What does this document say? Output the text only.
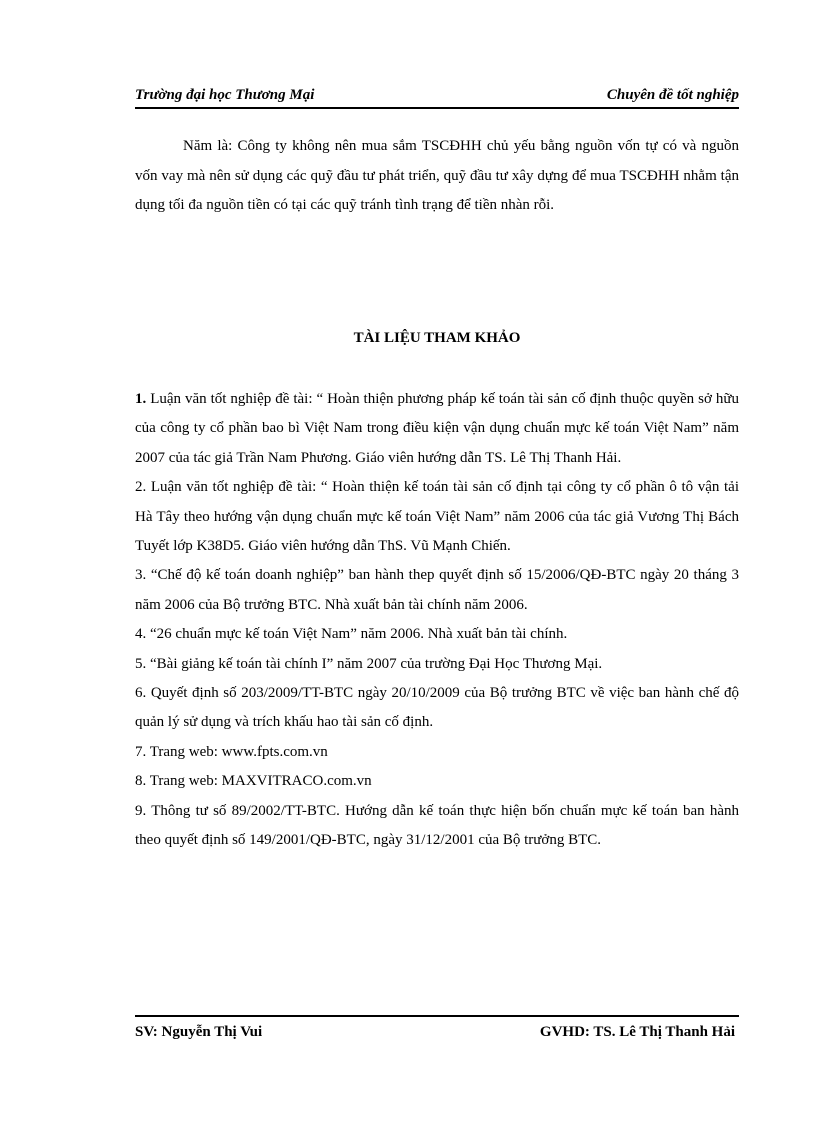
Trường đại học Thương Mại	Chuyên đề tốt nghiệp

Năm là: Công ty không nên mua sắm TSCĐHH chủ yếu bằng nguồn vốn tự có và nguồn vốn vay mà nên sử dụng các quỹ đầu tư phát triển, quỹ đầu tư xây dựng để mua TSCĐHH nhằm tận dụng tối đa nguồn tiền có tại các quỹ tránh tình trạng để tiền nhàn rỗi.

TÀI LIỆU THAM KHẢO

1. Luận văn tốt nghiệp đề tài: “ Hoàn thiện phương pháp kế toán tài sản cố định thuộc quyền sở hữu của công ty cổ phần bao bì Việt Nam trong điều kiện vận dụng chuẩn mực kế toán Việt Nam” năm 2007 của tác giả Trần Nam Phương. Giáo viên hướng dẫn TS. Lê Thị Thanh Hải.

2. Luận văn tốt nghiệp đề tài: “ Hoàn thiện kế toán tài sản cố định tại công ty cổ phần ô tô vận tải Hà Tây theo hướng vận dụng chuẩn mực kế toán Việt Nam” năm 2006 của tác giả Vương Thị Bách Tuyết lớp K38D5. Giáo viên hướng dẫn ThS. Vũ Mạnh Chiến.

3. “Chế độ kế toán doanh nghiệp” ban hành thep quyết định số 15/2006/QĐ-BTC ngày 20 tháng 3 năm 2006 của Bộ trưởng BTC. Nhà xuất bản tài chính năm 2006.

4. “26 chuẩn mực kế toán Việt Nam” năm 2006. Nhà xuất bản tài chính.

5. “Bài giảng kế toán tài chính I” năm 2007 của trường Đại Học Thương Mại.

6. Quyết định số 203/2009/TT-BTC ngày 20/10/2009 của Bộ trưởng BTC về việc ban hành chế độ quản lý sử dụng và trích khấu hao tài sản cố định.

7. Trang web: www.fpts.com.vn

8. Trang web: MAXVITRACO.com.vn

9. Thông tư số 89/2002/TT-BTC. Hướng dẫn kế toán thực hiện bốn chuẩn mực kế toán ban hành theo quyết định số 149/2001/QĐ-BTC, ngày 31/12/2001 của Bộ trưởng BTC.

SV: Nguyễn Thị Vui	GVHD: TS. Lê Thị Thanh Hải
